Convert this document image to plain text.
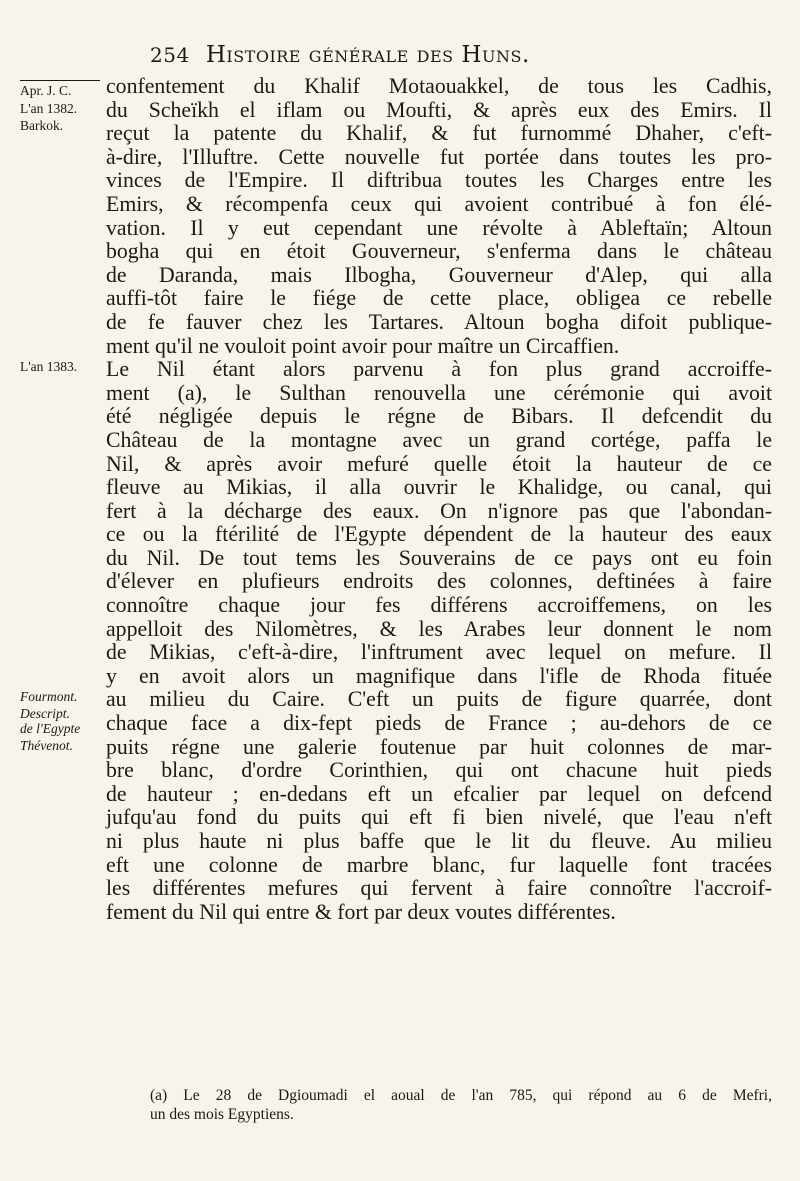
254 Histoire générale des Huns.
Apr. J. C.
L'an 1382.
Barkok.
L'an 1383.
Fourmont.
Descript.
de l'Egypte
Thévenot.
confentement du Khalif Motaouakkel, de tous les Cadhis,
du Scheïkh el iflam ou Moufti, & après eux des Emirs. Il
reçut la patente du Khalif, & fut furnommé Dhaher, c'eft-
à-dire, l'Illuftre. Cette nouvelle fut portée dans toutes les pro-
vinces de l'Empire. Il diftribua toutes les Charges entre les
Emirs, & récompenfa ceux qui avoient contribué à fon élé-
vation. Il y eut cependant une révolte à Ableftaïn; Altoun
bogha qui en étoit Gouverneur, s'enferma dans le château
de Daranda, mais Ilbogha, Gouverneur d'Alep, qui alla
auffi-tôt faire le fiége de cette place, obligea ce rebelle
de fe fauver chez les Tartares. Altoun bogha difoit publique-
ment qu'il ne vouloit point avoir pour maître un Circaffien.
Le Nil étant alors parvenu à fon plus grand accroiffe-
ment (a), le Sulthan renouvella une cérémonie qui avoit
été négligée depuis le régne de Bibars. Il defcendit du
Château de la montagne avec un grand cortége, paffa le
Nil, & après avoir mefuré quelle étoit la hauteur de ce
fleuve au Mikias, il alla ouvrir le Khalidge, ou canal, qui
fert à la décharge des eaux. On n'ignore pas que l'abondan-
ce ou la ftérilité de l'Egypte dépendent de la hauteur des eaux
du Nil. De tout tems les Souverains de ce pays ont eu foin
d'élever en plufieurs endroits des colonnes, deftinées à faire
connoître chaque jour fes différens accroiffemens, on les
appelloit des Nilomètres, & les Arabes leur donnent le nom
de Mikias, c'eft-à-dire, l'inftrument avec lequel on mefure. Il
y en avoit alors un magnifique dans l'ifle de Rhoda fituée
au milieu du Caire. C'eft un puits de figure quarrée, dont
chaque face a dix-fept pieds de France ; au-dehors de ce
puits régne une galerie foutenue par huit colonnes de mar-
bre blanc, d'ordre Corinthien, qui ont chacune huit pieds
de hauteur ; en-dedans eft un efcalier par lequel on defcend
jufqu'au fond du puits qui eft fi bien nivelé, que l'eau n'eft
ni plus haute ni plus baffe que le lit du fleuve. Au milieu
eft une colonne de marbre blanc, fur laquelle font tracées
les différentes mefures qui fervent à faire connoître l'accroif-
fement du Nil qui entre & fort par deux voutes différentes.
(a) Le 28 de Dgioumadi el aoual de l'an 785, qui répond au 6 de Mefri,
un des mois Egyptiens.
